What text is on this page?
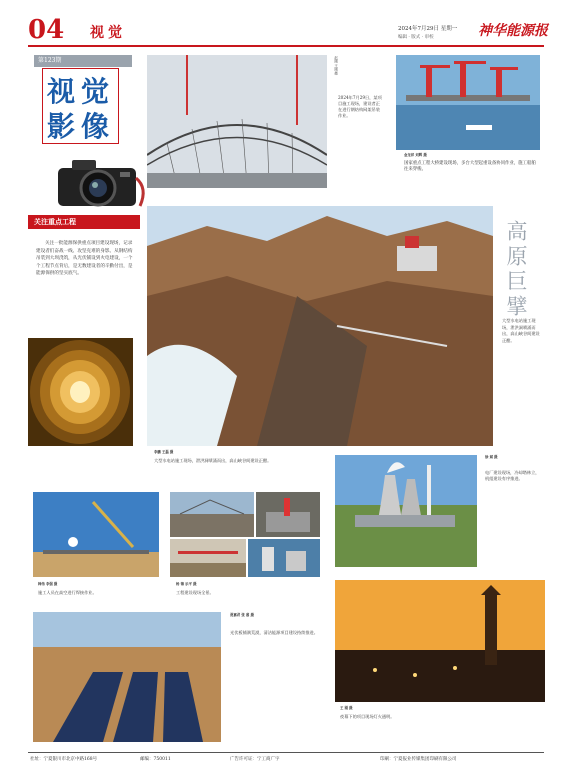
04 视觉	2024年7月29日 星期一
编辑 · 版式 · 审校	神华能源报
第123期
视觉
影像
关注重点工程
关注一批能源保供重点项目建设现场，记录建设者们奋战一线、攻坚克难的身影。从钢结构吊装到大坝浇筑，从光伏铺设到火电建设，一个个工程节点背后，是无数建设者的辛勤付出，是能源保供的坚实底气。
赵刚 王刚 摄
2024年7月29日，某项目施工现场，建设者正在进行钢结构网架吊装作业。
金龙祥 刘辉 摄
国家重点工程大桥建设现场，多台大型起重设备协同作业，施工船舶往来穿梭。
高原巨擘
大型水电站施工现场，泄洪洞喷涌而出，高山峡谷间建设正酣。
李鹏 王磊 摄
大型水电站施工现场，泄洪洞喷涌而出，高山峡谷间建设正酣。
徐 斌 摄
电厂建设现场，冷却塔林立，机组建设有序推进。
韩伟 李强 摄
施工人员在高空进行焊接作业。
杨 锦 乐平 摄
工程建设现场全景。
贾嘉君 张 睿 摄
光伏板铺满荒漠，清洁能源项目建设持续推进。
王 刚 摄
夜幕下的项目现场灯火通明。
社址：宁夏银川市北京中路168号	邮编：750011	广告许可证：宁工商广字	印刷：宁夏报业传媒集团印刷有限公司
